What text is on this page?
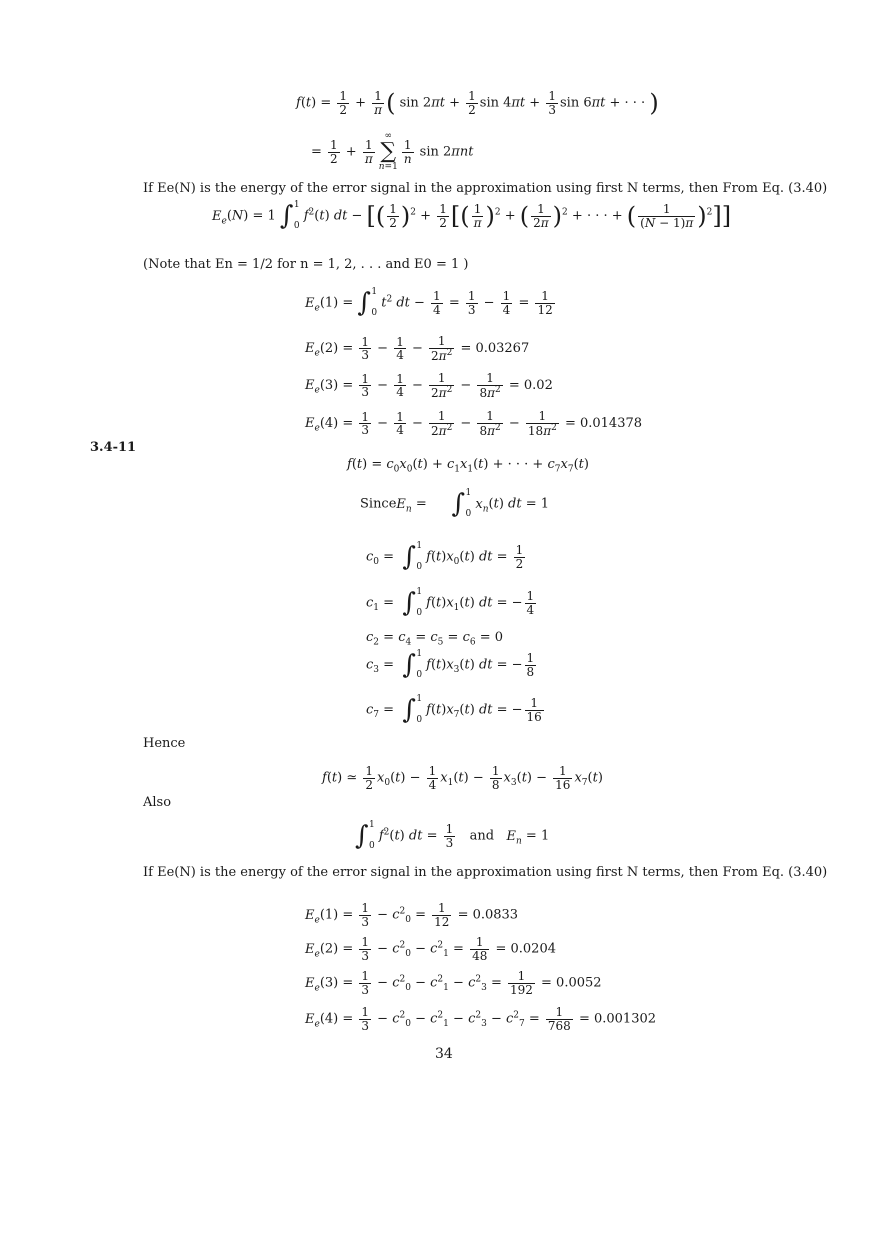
$f(t) = \frac{1}{2} + \frac{1}{\pi}$ ( $\sin 2\pi t + \frac{1}{2}$ $\sin 4\pi t + \frac{1}{3}$ sin 6πt + · · · )
= $\frac{1}{2} + \frac{1}{\pi}$
∞
∑
n=1
$\frac{1}{n}$ sin 2πnt
If Ee(N) is the energy of the error signal in the approximation using first N terms, then From Eq. (3.40)
$E_e(N) = 1$ ∫ 1
0
$f^2(t)$ dt − [( $\frac{1}{2} )^2 + \frac{1}{2}$ [( $\frac{1}{\pi} )^2$ + ( $\frac{1}{2\pi} )^2$ + · · · + ( $\frac{1}{(N - 1)\pi} )^2$]]
(Note that En = 1/2 for n = 1, 2, . . . and E0 = 1 )
$E_e(1)$ = ∫ 1
0
$t^2$ dt − $\frac{1}{4} = \frac{1}{3} - \frac{1}{4} = \frac{1}{12}$
$E_e(2) = \frac{1}{3} - \frac{1}{4} - \frac{1}{2\pi^2} = 0.03267$
$E_e(3) = \frac{1}{3} - \frac{1}{4} - \frac{1}{2\pi^2} - \frac{1}{8\pi^2} = 0.02$
$E_e(4) = \frac{1}{3} - \frac{1}{4} - \frac{1}{2\pi^2} - \frac{1}{8\pi^2} - \frac{1}{18\pi^2} = 0.014378$
3.4-11
$f(t) = c_0x_0(t) + c_1x_1(t)$ + · · · + $c_7x_7(t)$
SinceE$_n$ =      ∫ 1
0
$x_n(t)$ dt = 1
$c_0$ =  ∫ 1
0
$f(t)x_0(t)$ dt = $\frac{1}{2}$
$c_1$ =  ∫ 1
0
$f(t)x_1(t)$ dt = − $\frac{1}{4}$
$c_2 = c_4 = c_5 = c_6 = 0$
$c_3$ =  ∫ 1
0
$f(t)x_3(t)$ dt = − $\frac{1}{8}$
$c_7$ =  ∫ 1
0
$f(t)x_7(t)$ dt = − $\frac{1}{16}$
Hence
f(t) ≃ $\frac{1}{2} x_0(t) - \frac{1}{4} x_1(t) - \frac{1}{8} x_3(t) - \frac{1}{16} x_7(t)$
Also
∫ 1
0
$f^2(t)$ dt = $\frac{1}{3}$ and   $E_n = 1$
If Ee(N) is the energy of the error signal in the approximation using first N terms, then From Eq. (3.40)
$E_e(1) = \frac{1}{3} - c^2_0 = \frac{1}{12} = 0.0833$
$E_e(2) = \frac{1}{3} - c^2_0 - c^2_1 = \frac{1}{48} = 0.0204$
$E_e(3) = \frac{1}{3} - c^2_0 - c^2_1 - c^2_3 = \frac{1}{192} = 0.0052$
$E_e(4) = \frac{1}{3} - c^2_0 - c^2_1 - c^2_3 - c^2_7 = \frac{1}{768} = 0.001302$
34
